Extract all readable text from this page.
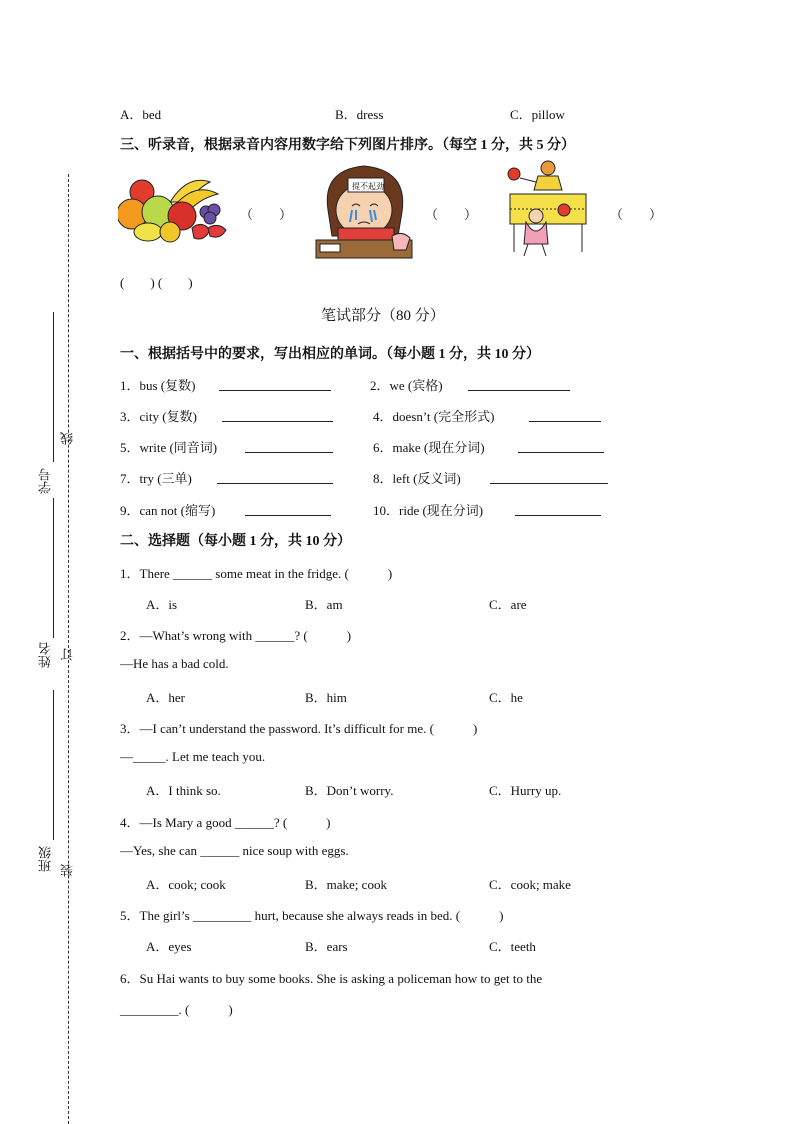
学号
线
姓名 订
班级 装
A．bed	B．dress	C．pillow
三、听录音，根据录音内容用数字给下列图片排序。（每空 1 分，共 5 分）
（　　）
提不起劲
（　　）	（　　）
(　　) (　　)
笔试部分（80 分）
一、根据括号中的要求，写出相应的单词。（每小题 1 分，共 10 分）
1．bus (复数)	2．we (宾格)
3．city (复数)	4．doesn’t (完全形式)
5．write (同音词)	6．make (现在分词)
7．try (三单)	8．left (反义词)
9．can not (缩写)	10．ride (现在分词)
二、选择题（每小题 1 分，共 10 分）
1．There ______ some meat in the fridge. (　　　)
A．is	B．am	C．are
2．—What’s wrong with ______? (　　　)
—He has a bad cold.
A．her	B．him	C．he
3．—I can’t understand the password. It’s difficult for me. (　　　)
—_____. Let me teach you.
A．I think so.	B．Don’t worry.	C．Hurry up.
4．—Is Mary a good ______? (　　　)
—Yes, she can ______ nice soup with eggs.
A．cook; cook	B．make; cook	C．cook; make
5．The girl’s _________ hurt, because she always reads in bed. (　　　)
A．eyes	B．ears	C．teeth
6．Su Hai wants to buy some books. She is asking a policeman how to get to the
_________. (　　　)
